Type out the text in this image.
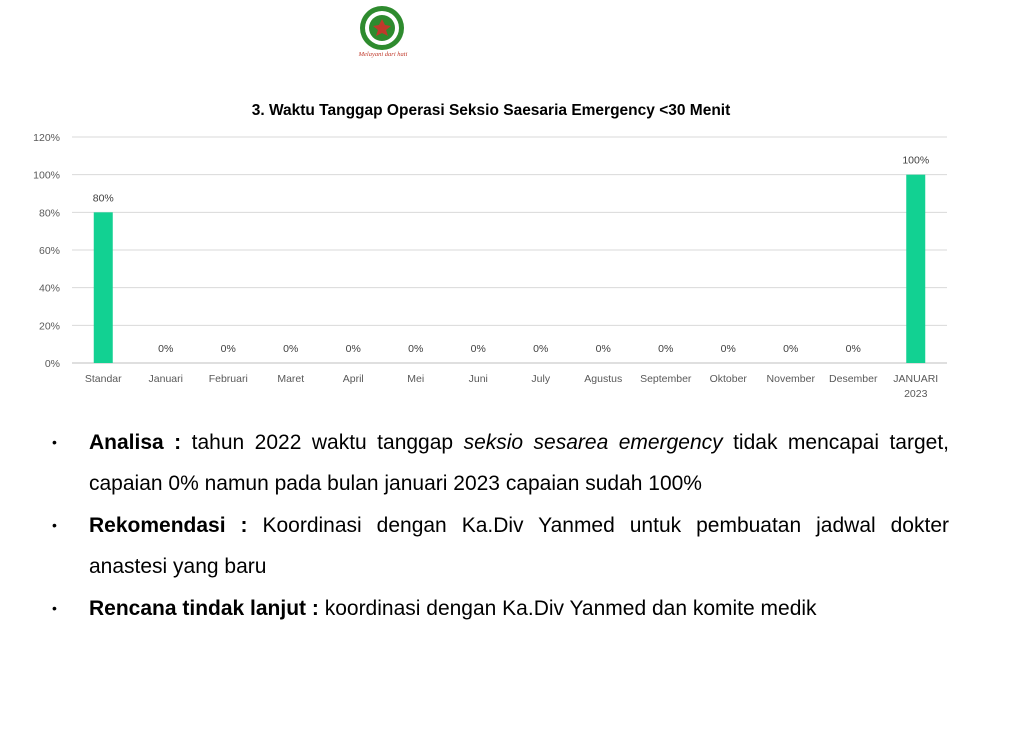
Melayani dari hati
3. Waktu Tanggap Operasi Seksio Saesaria Emergency <30 Menit
0%
20%
40%
60%
80%
100%
120%
80%
0%	0%	0%	0%	0%	0%	0%	0%	0%	0%	0%	0%
100%
Standar	Januari Februari	Maret	April	Mei	Juni	July	Agustus September Oktober November Desember JANUARI 2023
• Analisa : tahun 2022 waktu tanggap seksio sesarea emergency tidak mencapai target, capaian 0% namun pada bulan januari 2023 capaian sudah 100%
• Rekomendasi : Koordinasi dengan Ka.Div Yanmed untuk pembuatan jadwal dokter anastesi yang baru
• Rencana tindak lanjut : koordinasi dengan Ka.Div Yanmed dan komite medik
